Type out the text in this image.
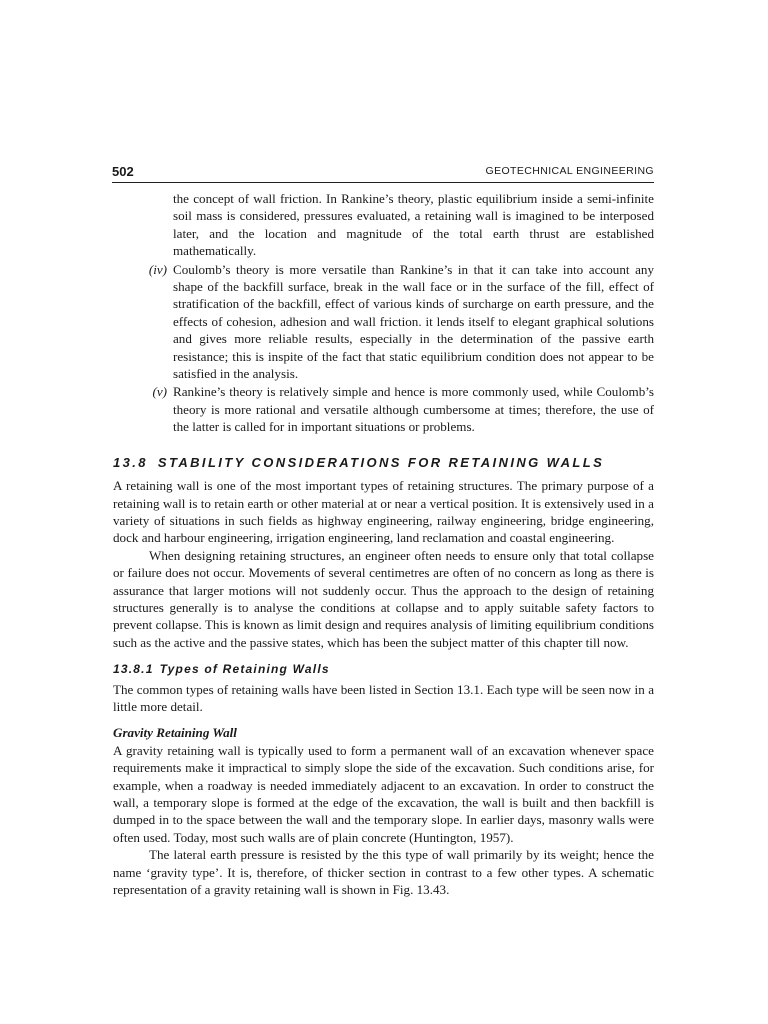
502	GEOTECHNICAL ENGINEERING

the concept of wall friction. In Rankine’s theory, plastic equilibrium inside a semi-infinite soil mass is considered, pressures evaluated, a retaining wall is imagined to be interposed later, and the location and magnitude of the total earth thrust are established mathematically.

(iv) Coulomb’s theory is more versatile than Rankine’s in that it can take into account any shape of the backfill surface, break in the wall face or in the surface of the fill, effect of stratification of the backfill, effect of various kinds of surcharge on earth pressure, and the effects of cohesion, adhesion and wall friction. it lends itself to elegant graphical solutions and gives more reliable results, especially in the determination of the passive earth resistance; this is inspite of the fact that static equilibrium condition does not appear to be satisfied in the analysis.
(v) Rankine’s theory is relatively simple and hence is more commonly used, while Coulomb’s theory is more rational and versatile although cumbersome at times; therefore, the use of the latter is called for in important situations or problems.
13.8 STABILITY CONSIDERATIONS FOR RETAINING WALLS

A retaining wall is one of the most important types of retaining structures. The primary purpose of a retaining wall is to retain earth or other material at or near a vertical position. It is extensively used in a variety of situations in such fields as highway engineering, railway engineering, bridge engineering, dock and harbour engineering, irrigation engineering, land reclamation and coastal engineering.

When designing retaining structures, an engineer often needs to ensure only that total collapse or failure does not occur. Movements of several centimetres are often of no concern as long as there is assurance that larger motions will not suddenly occur. Thus the approach to the design of retaining structures generally is to analyse the conditions at collapse and to apply suitable safety factors to prevent collapse. This is known as limit design and requires analysis of limiting equilibrium conditions such as the active and the passive states, which has been the subject matter of this chapter till now.

13.8.1 Types of Retaining Walls

The common types of retaining walls have been listed in Section 13.1. Each type will be seen now in a little more detail.

Gravity Retaining Wall

A gravity retaining wall is typically used to form a permanent wall of an excavation whenever space requirements make it impractical to simply slope the side of the excavation. Such conditions arise, for example, when a roadway is needed immediately adjacent to an excavation. In order to construct the wall, a temporary slope is formed at the edge of the excavation, the wall is built and then backfill is dumped in to the space between the wall and the temporary slope. In earlier days, masonry walls were often used. Today, most such walls are of plain concrete (Huntington, 1957).

The lateral earth pressure is resisted by the this type of wall primarily by its weight; hence the name ‘gravity type’. It is, therefore, of thicker section in contrast to a few other types. A schematic representation of a gravity retaining wall is shown in Fig. 13.43.
